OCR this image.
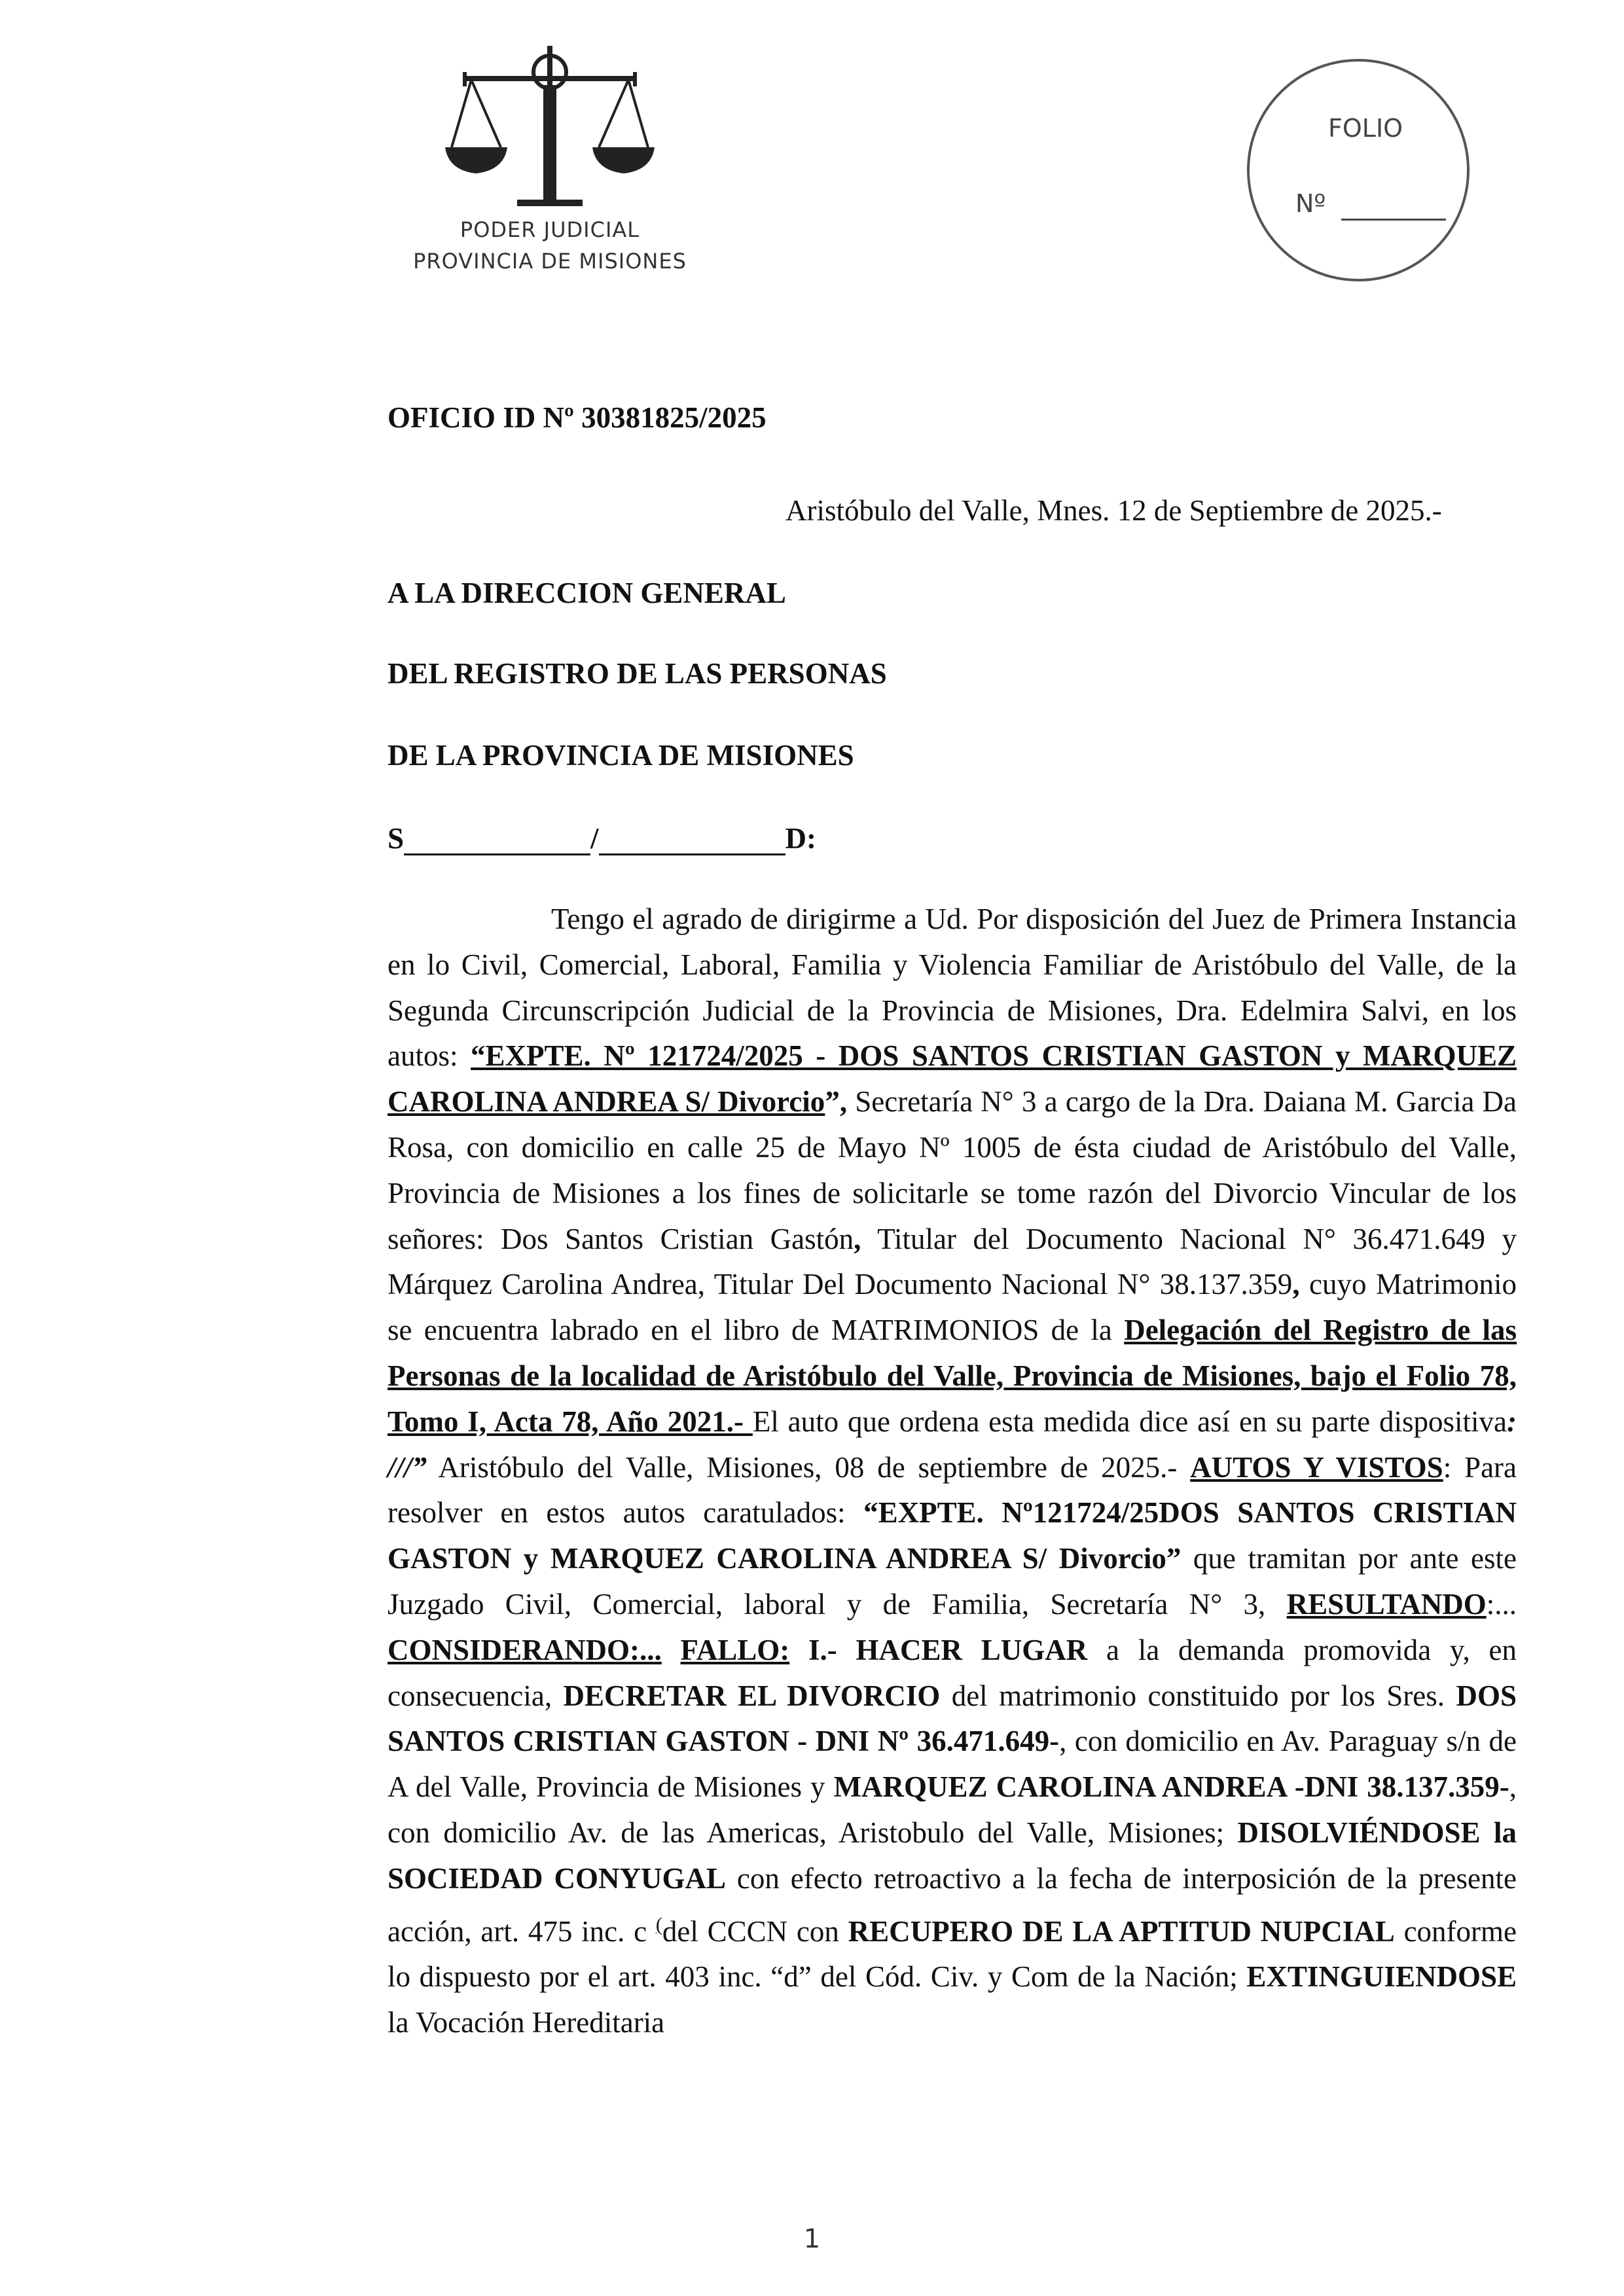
PODER JUDICIAL
PROVINCIA DE MISIONES
FOLIO
Nº
OFICIO ID Nº 30381825/2025
Aristóbulo del Valle, Mnes. 12 de Septiembre de 2025.-
A LA DIRECCION GENERAL
DEL REGISTRO DE LAS PERSONAS
DE LA PROVINCIA DE MISIONES
S	/	D:

Tengo el agrado de dirigirme a Ud. Por disposición del Juez de Primera Instancia en lo Civil, Comercial, Laboral, Familia y Violencia Familiar de Aristóbulo del Valle, de la Segunda Circunscripción Judicial de la Provincia de Misiones, Dra. Edelmira Salvi, en los autos: “EXPTE. Nº 121724/2025 - DOS SANTOS CRISTIAN GASTON y MARQUEZ CAROLINA ANDREA S/ Divorcio”, Secretaría N° 3 a cargo de la Dra. Daiana M. Garcia Da Rosa, con domicilio en calle 25 de Mayo Nº 1005 de ésta ciudad de Aristóbulo del Valle, Provincia de Misiones a los fines de solicitarle se tome razón del Divorcio Vincular de los señores: Dos Santos Cristian Gastón, Titular del Documento Nacional N° 36.471.649 y Márquez Carolina Andrea, Titular Del Documento Nacional N° 38.137.359, cuyo Matrimonio se encuentra labrado en el libro de MATRIMONIOS de la Delegación del Registro de las Personas de la localidad de Aristóbulo del Valle, Provincia de Misiones, bajo el Folio 78, Tomo I, Acta 78, Año 2021.- El auto que ordena esta medida dice así en su parte dispositiva: ///” Aristóbulo del Valle, Misiones, 08 de septiembre de 2025.- AUTOS Y VISTOS: Para resolver en estos autos caratulados: “EXPTE. Nº121724/25DOS SANTOS CRISTIAN GASTON y MARQUEZ CAROLINA ANDREA S/ Divorcio” que tramitan por ante este Juzgado Civil, Comercial, laboral y de Familia, Secretaría N° 3, RESULTANDO:... CONSIDERANDO:... FALLO: I.- HACER LUGAR a la demanda promovida y, en consecuencia, DECRETAR EL DIVORCIO del matrimonio constituido por los Sres. DOS SANTOS CRISTIAN GASTON - DNI Nº 36.471.649-, con domicilio en Av. Paraguay s/n de A del Valle, Provincia de Misiones y MARQUEZ CAROLINA ANDREA -DNI 38.137.359-, con domicilio Av. de las Americas, Aristobulo del Valle, Misiones; DISOLVIÉNDOSE la SOCIEDAD CONYUGAL con efecto retroactivo a la fecha de interposición de la presente acción, art. 475 inc. c (del CCCN con RECUPERO DE LA APTITUD NUPCIAL conforme lo dispuesto por el art. 403 inc. “d” del Cód. Civ. y Com de la Nación; EXTINGUIENDOSE la Vocación Hereditaria

1
